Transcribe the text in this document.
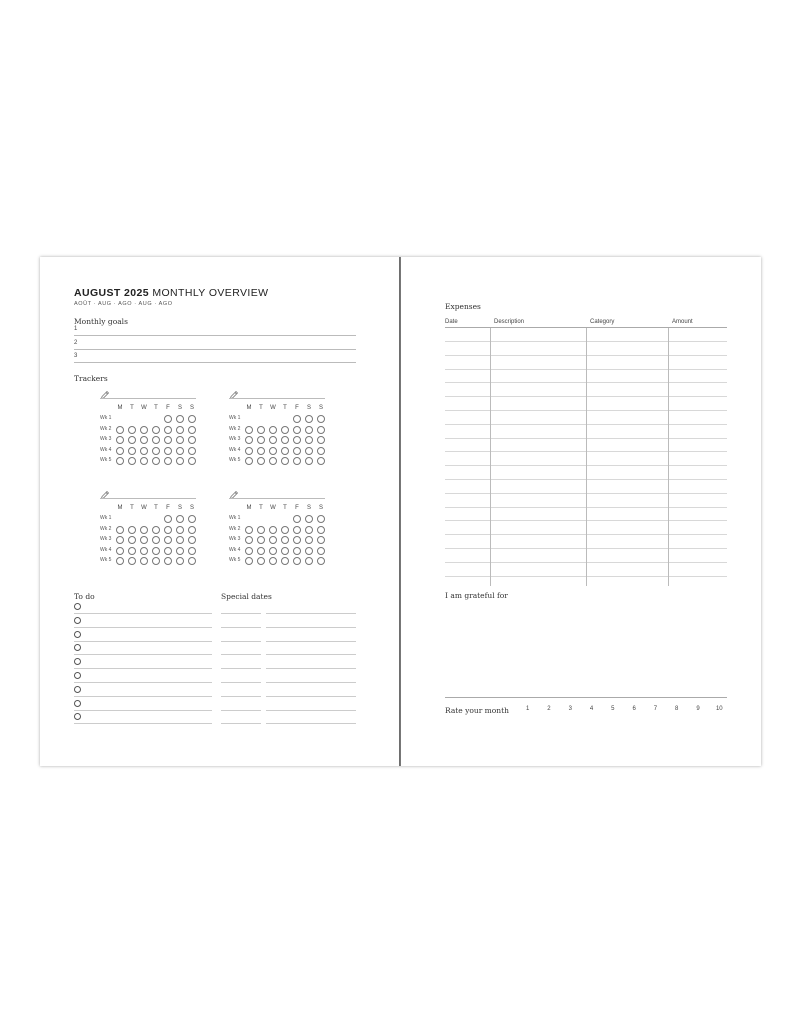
AUGUST 2025 MONTHLY OVERVIEW
AOÛT · AUG · AGO · AUG · AGO
Monthly goals
1
2
3
Trackers
M	T	W	T	F	S	S
Wk 1
Wk 2
Wk 3
Wk 4
Wk 5
M	T	W	T	F	S	S
Wk 1
Wk 2
Wk 3
Wk 4
Wk 5
M	T	W	T	F	S	S
Wk 1
Wk 2
Wk 3
Wk 4
Wk 5
M	T	W	T	F	S	S
Wk 1
Wk 2
Wk 3
Wk 4
Wk 5
To do	Special dates
Expenses
Date	Description	Category	Amount
I am grateful for
Rate your month	1	2	3	4	5	6	7	8	9	10
